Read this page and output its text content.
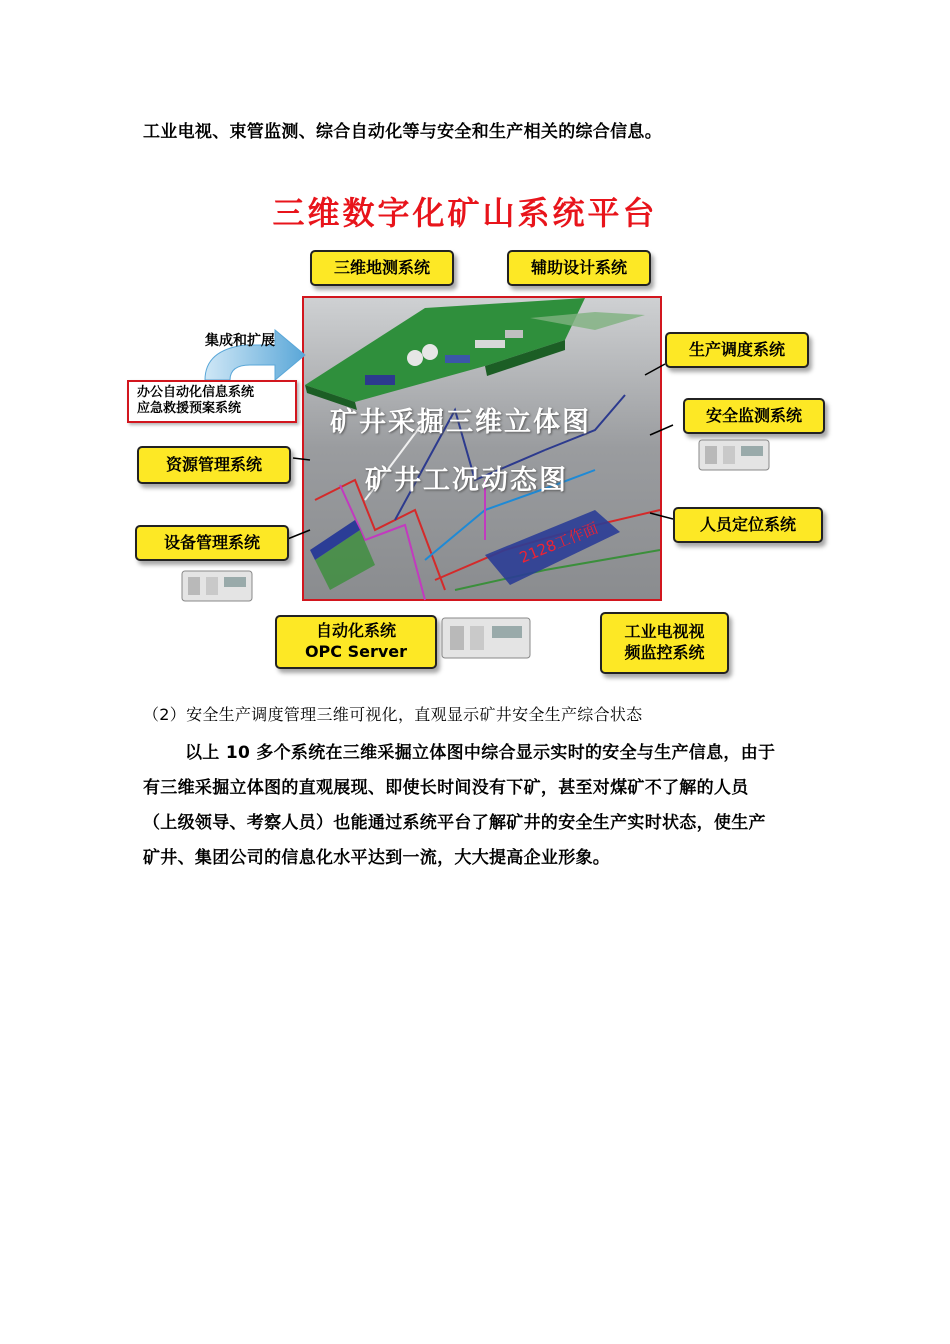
工业电视、束管监测、综合自动化等与安全和生产相关的综合信息。
三维数字化矿山系统平台
矿井采掘三维立体图
矿井工况动态图
2128工作面
集成和扩展
办公自动化信息系统
应急救援预案系统
三维地测系统	辅助设计系统
生产调度系统
安全监测系统
资源管理系统
人员定位系统
设备管理系统
自动化系统
OPC Server
工业电视视
频监控系统
（2）安全生产调度管理三维可视化，直观显示矿井安全生产综合状态
以上 10 多个系统在三维采掘立体图中综合显示实时的安全与生产信息，由于
有三维采掘立体图的直观展现、即使长时间没有下矿，甚至对煤矿不了解的人员
（上级领导、考察人员）也能通过系统平台了解矿井的安全生产实时状态，使生产
矿井、集团公司的信息化水平达到一流，大大提高企业形象。
